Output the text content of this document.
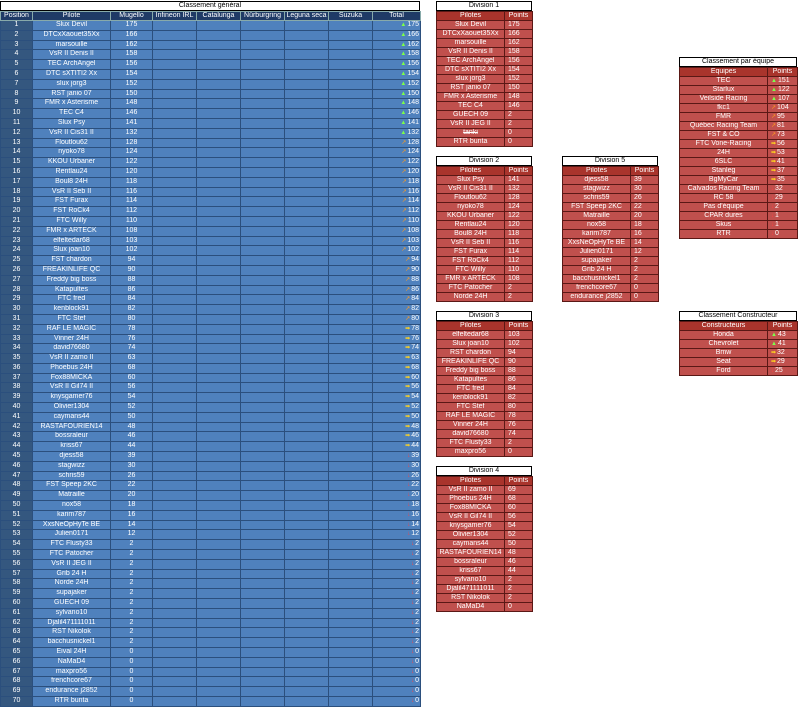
Classement général
Position	Pilote	Mugello	Infineon IRL	Catalunga	Nürburgring	Leguna seca	Suzuka	Total
1	Slux Devil	175						▲175
2	DTCxXaouet35Xx	166						▲166
3	marsouille	162						▲162
4	VsR II Denis II	158						▲158
5	TEC ArchAngel	156						▲156
6	DTC sXTITI2 Xx	154						▲154
7	slux jorg3	152						▲152
8	RST janio 07	150						▲150
9	FMR x Asterisme	148						▲148
10	TEC C4	146						▲146
11	Slux Psy	141						▲141
12	VsR II Cis31 II	132						▲132
13	Floutlou62	128						↗128
14	nyoko78	124						↗124
15	KKOU Urbaner	122						↗122
16	Rentlau24	120						↗120
17	Boul8 24H	118						↗118
18	VsR II Seb II	116						↗116
19	FST Furax	114						↗114
20	FST RoCk4	112						↗112
21	FTC Willy	110						↗110
22	FMR x ARTECK	108						↗108
23	elfeltedar68	103						↗103
24	Slux joan10	102						↗102
25	FST chardon	94						↗94
26	FREAKINLIFE QC	90						↗90
27	Freddy big boss	88						↗88
28	Katapultes	86						↗86
29	FTC fred	84						↗84
30	kenblock91	82						↗82
31	FTC Stef	80						↗80
32	RAF LE MAGIC	78						➡78
33	Vinner 24H	76						➡76
34	david76680	74						➡74
35	VsR II zamo II	63						➡63
36	Phoebus 24H	68						➡68
37	Fox88MICKA	60						➡60
38	VsR II Gil74 II	56						➡56
39	knysgamer76	54						➡54
40	Olivier1304	52						➡52
41	caymans44	50						➡50
42	RASTAFOURIEN14	48						➡48
43	bossraleur	46						➡46
44	kriss67	44						➡44
45	djess58	39						↓39
46	stagwizz	30						↓30
47	schris59	26						↓26
48	FST Speep 2KC	22						↓22
49	Matraille	20						↓20
50	nox58	18						↓18
51	karim787	16						↓16
52	XxsNeOpHyTe BE	14						↓14
53	Julien0171	12						↓12
54	FTC Flusty33	2						↓2
55	FTC Patocher	2						↓2
56	VsR II JEG II	2						↓2
57	Grib 24 H	2						↓2
58	Norde 24H	2						↓2
59	supajaker	2						↓2
60	GUECH 09	2						↓2
61	sylvano10	2						↓2
62	Djalil471111011	2						↓2
63	RST Nikolok	2						↓2
64	bacchusnickel1	2						↓2
65	Eival 24H	0						↓0
66	NaMaD4	0						↓0
67	maxpro56	0						↓0
68	frenchcore67	0						↓0
69	endurance j2852	0						↓0
70	RTR bunta	0						↓0
Division 1
Pilotes	Points
Slux Devil	175
DTCxXaouet35Xx	166
marsouille	162
VsR II Denis II	158
TEC ArchAngel	156
DTC sXTITI2 Xx	154
slux jorg3	152
RST janio 07	150
FMR x Asterisme	148
TEC C4	146
GUECH 09	2
VsR II JEG II	2
tanki	0
RTR bunta	0
Division 2
Pilotes	Points
Slux Psy	141
VsR II Cis31 II	132
Floutlou62	128
nyoko78	124
KKOU Urbaner	122
Rentlau24	120
Boul8 24H	118
VsR II Seb II	116
FST Furax	114
FST RoCk4	112
FTC Willy	110
FMR x ARTECK	108
FTC Patocher	2
Norde 24H	2
Division 3
Pilotes	Points
elfeltedar68	103
Slux joan10	102
RST chardon	94
FREAKINLIFE QC	90
Freddy big boss	88
Katapultes	86
FTC fred	84
kenblock91	82
FTC Stef	80
RAF LE MAGIC	78
Vinner 24H	76
david76680	74
FTC Flusty33	2
maxpro56	0
Division 4
Pilotes	Points
VsR II zamo II	69
Phoebus 24H	68
Fox88MICKA	60
VsR II Gil74 II	56
knysgamer76	54
Olivier1304	52
caymans44	50
RASTAFOURIEN14	48
bossraleur	46
kriss67	44
sylvano10	2
Djalil471111011	2
RST Nikolok	2
NaMaD4	0
Division 5
Pilotes	Points
djess58	39
stagwizz	30
schris59	26
FST Speep 2KC	22
Matraille	20
nox58	18
karim787	16
XxsNeOpHyTe BE	14
Julien0171	12
supajaker	2
Grib 24 H	2
bacchusnickel1	2
frenchcore67	0
endurance j2852	0
Classement par équipe
Equipes	Points
TEC	▲151
Starlux	▲122
Veilside Racing	▲107
fkc1	↗104
FMR	↗95
Québec Racing Team	↗81
FST & CO	↗73
FTC Vone-Racing	➡56
24H	➡53
6SLC	➡41
Stanleg	➡37
BgMyCar	➡35
Calvados Racing Team	↓32
RC 58	↓29
Pas d'équipe	↓2
CPAR dures	↓1
Skus	↓1
RTR	↓0
Classement Constructeur
Constructeurs	Points
Honda	▲43
Chevrolet	▲41
Bmw	➡32
Seat	➡29
Ford	↓25
